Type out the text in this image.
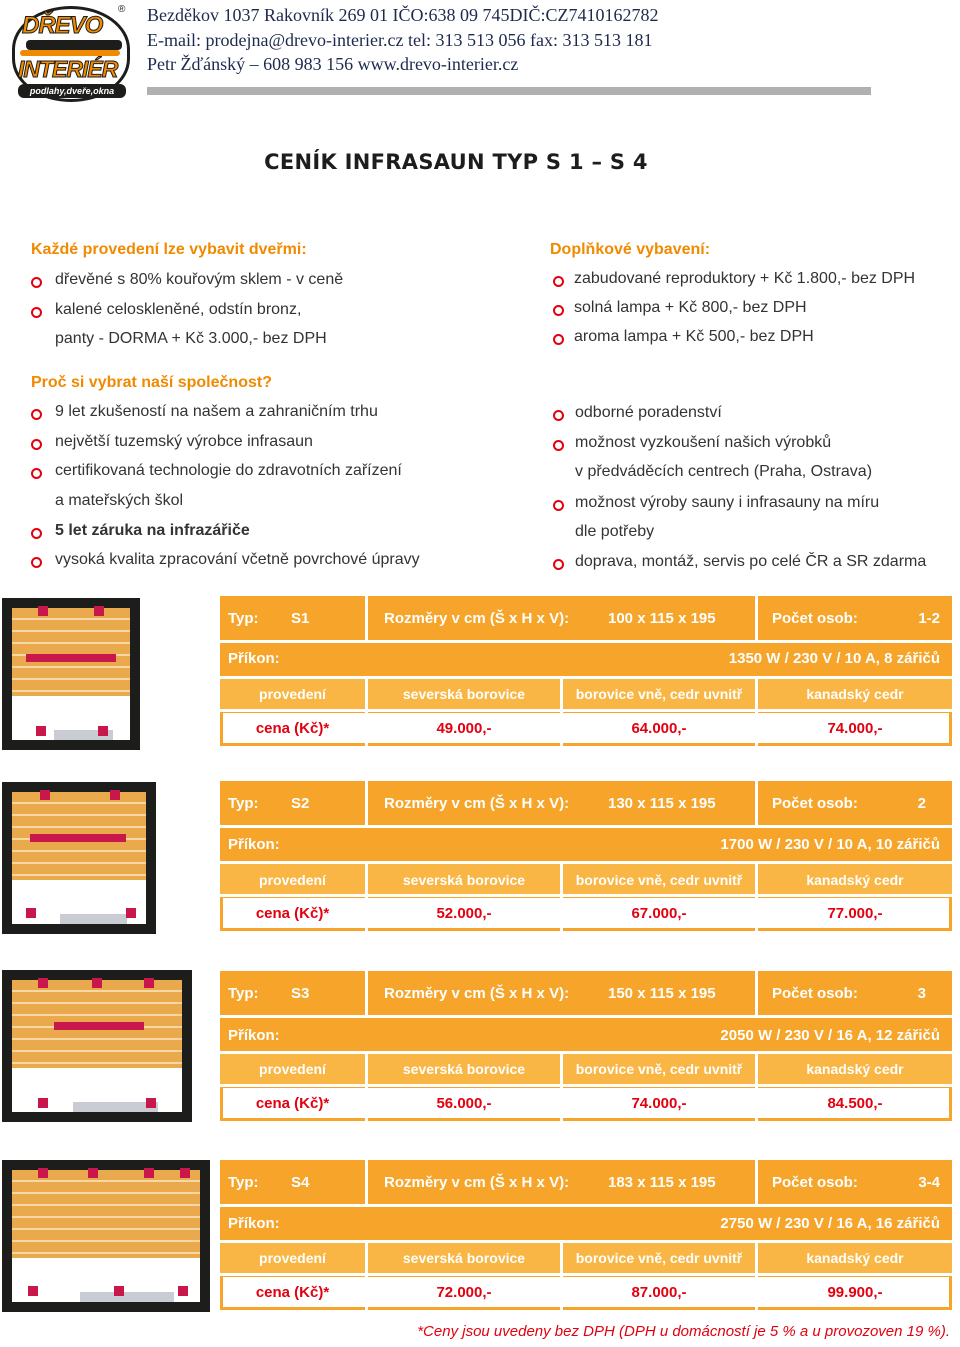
DŘEVO
INTERIÉR
podlahy,dveře,okna
® Bezděkov 1037 Rakovník 269 01 IČO:638 09 745DIČ:CZ7410162782
E-mail: prodejna@drevo-interier.cz tel: 313 513 056 fax: 313 513 181
Petr Žďánský – 608 983 156 www.drevo-interier.cz
CENÍK INFRASAUN TYP S 1 – S 4
Každé provedení lze vybavit dveřmi:
dřevěné s 80% kouřovým sklem - v ceně
kalené celoskleněné, odstín bronz,
panty - DORMA + Kč 3.000,- bez DPH
Doplňkové vybavení:
zabudované reproduktory + Kč 1.800,- bez DPH
solná lampa + Kč 800,- bez DPH
aroma lampa + Kč 500,- bez DPH
Proč si vybrat naší společnost?
9 let zkušeností na našem a zahraničním trhu
největší tuzemský výrobce infrasaun
certifikovaná technologie do zdravotních zařízení
a mateřských škol
5 let záruka na infrazářiče
vysoká kvalita zpracování včetně povrchové úpravy
odborné poradenství
možnost vyzkoušení našich výrobků
v předváděcích centrech (Praha, Ostrava)
možnost výroby sauny i infrasauny na míru
dle potřeby
doprava, montáž, servis po celé ČR a SR zdarma
Typ: S1	Rozměry v cm (Š x H x V):	100 x 115 x 195	Počet osob:	1-2
Příkon:	1350 W / 230 V / 10 A, 8 zářičů
provedení	severská borovice	borovice vně, cedr uvnitř	kanadský cedr
cena (Kč)*	49.000,-	64.000,-	74.000,-
Typ: S2	Rozměry v cm (Š x H x V):	130 x 115 x 195	Počet osob:	2
Příkon:	1700 W / 230 V / 10 A, 10 zářičů
provedení	severská borovice	borovice vně, cedr uvnitř	kanadský cedr
cena (Kč)*	52.000,-	67.000,-	77.000,-
Typ: S3	Rozměry v cm (Š x H x V):	150 x 115 x 195	Počet osob:	3
Příkon:	2050 W / 230 V / 16 A, 12 zářičů
provedení	severská borovice	borovice vně, cedr uvnitř	kanadský cedr
cena (Kč)*	56.000,-	74.000,-	84.500,-
Typ: S4	Rozměry v cm (Š x H x V):	183 x 115 x 195	Počet osob:	3-4
Příkon:	2750 W / 230 V / 16 A, 16 zářičů
provedení	severská borovice	borovice vně, cedr uvnitř	kanadský cedr
cena (Kč)*	72.000,-	87.000,-	99.900,-
*Ceny jsou uvedeny bez DPH (DPH u domácností je 5 % a u provozoven 19 %).
